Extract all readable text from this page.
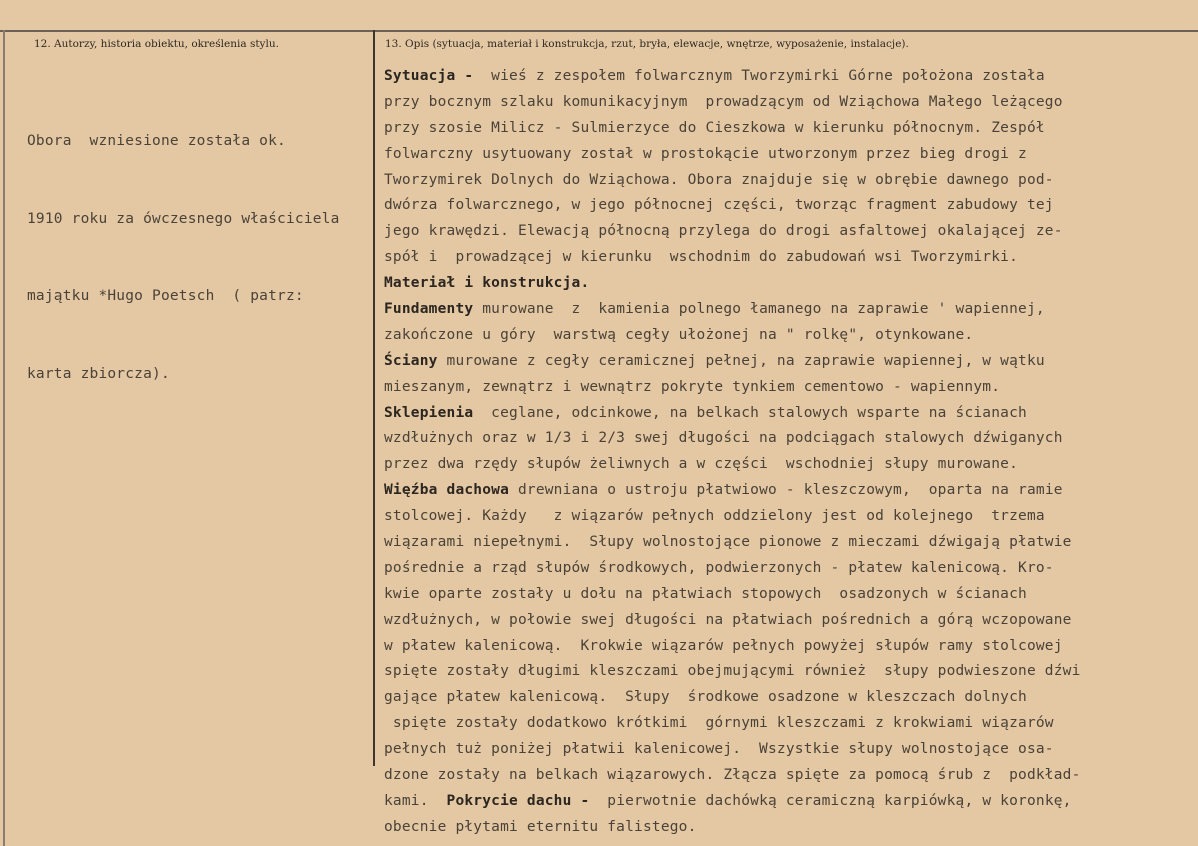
12. Autorzy, historia obiektu, określenia stylu.	13. Opis (sytuacja, materiał i konstrukcja, rzut, bryła, elewacje, wnętrze, wyposażenie, instalacje).

Obora  wzniesione została ok.

1910 roku za ówczesnego właściciela

majątku *Hugo Poetsch  ( patrz:

karta zbiorcza).

Sytuacja -  wieś z zespołem folwarcznym Tworzymirki Górne położona została
przy bocznym szlaku komunikacyjnym  prowadzącym od Wziąchowa Małego leżącego
przy szosie Milicz - Sulmierzyce do Cieszkowa w kierunku północnym. Zespół
folwarczny usytuowany został w prostokącie utworzonym przez bieg drogi z
Tworzymirek Dolnych do Wziąchowa. Obora znajduje się w obrębie dawnego pod-
dwórza folwarcznego, w jego północnej części, tworząc fragment zabudowy tej
jego krawędzi. Elewacją północną przylega do drogi asfaltowej okalającej ze-
spół i  prowadzącej w kierunku  wschodnim do zabudowań wsi Tworzymirki.
Materiał i konstrukcja.
Fundamenty murowane  z  kamienia polnego łamanego na zaprawie ' wapiennej,
zakończone u góry  warstwą cegły ułożonej na " rolkę", otynkowane.
Ściany murowane z cegły ceramicznej pełnej, na zaprawie wapiennej, w wątku
mieszanym, zewnątrz i wewnątrz pokryte tynkiem cementowo - wapiennym.
Sklepienia  ceglane, odcinkowe, na belkach stalowych wsparte na ścianach
wzdłużnych oraz w 1/3 i 2/3 swej długości na podciągach stalowych dźwiganych
przez dwa rzędy słupów żeliwnych a w części  wschodniej słupy murowane.
Więźba dachowa drewniana o ustroju płatwiowo - kleszczowym,  oparta na ramie
stolcowej. Każdy   z wiązarów pełnych oddzielony jest od kolejnego  trzema
wiązarami niepełnymi.  Słupy wolnostojące pionowe z mieczami dźwigają płatwie
pośrednie a rząd słupów środkowych, podwierzonych - płatew kalenicową. Kro-
kwie oparte zostały u dołu na płatwiach stopowych  osadzonych w ścianach
wzdłużnych, w połowie swej długości na płatwiach pośrednich a górą wczopowane
w płatew kalenicową.  Krokwie wiązarów pełnych powyżej słupów ramy stolcowej
spięte zostały długimi kleszczami obejmującymi również  słupy podwieszone dźwi
gające płatew kalenicową.  Słupy  środkowe osadzone w kleszczach dolnych
spięte zostały dodatkowo krótkimi  górnymi kleszczami z krokwiami wiązarów
pełnych tuż poniżej płatwii kalenicowej.  Wszystkie słupy wolnostojące osa-
dzone zostały na belkach wiązarowych. Złącza spięte za pomocą śrub z  podkład-
kami.  Pokrycie dachu -  pierwotnie dachówką ceramiczną karpiówką, w koronkę,
obecnie płytami eternitu falistego.
